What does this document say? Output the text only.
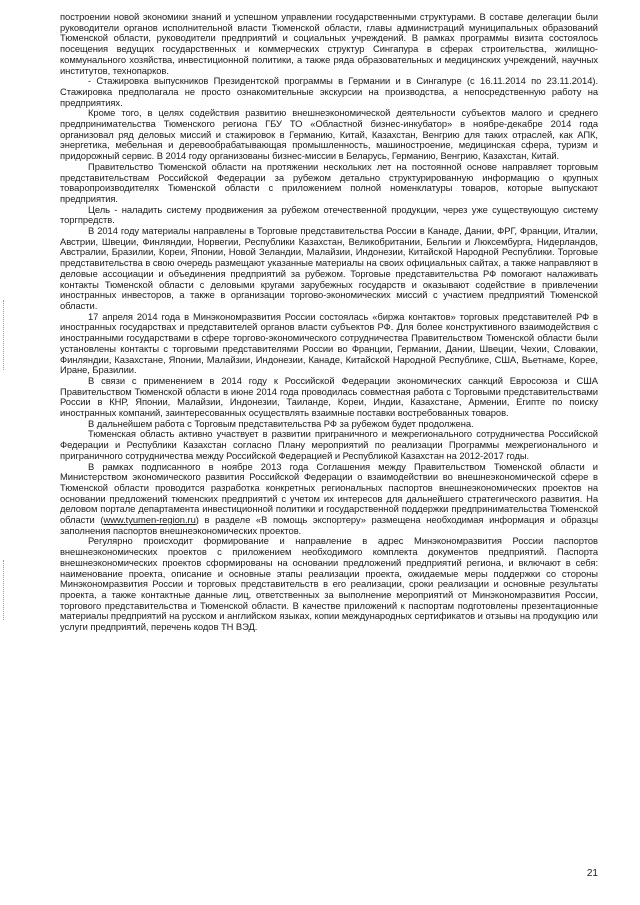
построении новой экономики знаний и успешном управлении государственными структурами. В составе делегации были руководители органов исполнительной власти Тюменской области, главы администраций муниципальных образований Тюменской области, руководители предприятий и социальных учреждений. В рамках программы визита состоялось посещения ведущих государственных и коммерческих структур Сингапура в сферах строительства, жилищно-коммунального хозяйства, инвестиционной политики, а также ряда образовательных и медицинских учреждений, научных институтов, технопарков.

- Стажировка выпускников Президентской программы в Германии и в Сингапуре (с 16.11.2014 по 23.11.2014). Стажировка предполагала не просто ознакомительные экскурсии на производства, а непосредственную работу на предприятиях.

Кроме того, в целях содействия развитию внешнеэкономической деятельности субъектов малого и среднего предпринимательства Тюменского региона ГБУ ТО «Областной бизнес-инкубатор» в ноябре-декабре 2014 года организовал ряд деловых миссий и стажировок в Германию, Китай, Казахстан, Венгрию для таких отраслей, как АПК, энергетика, мебельная и деревообрабатывающая промышленность, машиностроение, медицинская сфера, туризм и придорожный сервис. В 2014 году организованы бизнес-миссии в Беларусь, Германию, Венгрию, Казахстан, Китай.

Правительство Тюменской области на протяжении нескольких лет на постоянной основе направляет торговым представительствам Российской Федерации за рубежом детально структурированную информацию о крупных товаропроизводителях Тюменской области с приложением полной номенклатуры товаров, которые выпускают предприятия.

Цель - наладить систему продвижения за рубежом отечественной продукции, через уже существующую систему торгпредств.

В 2014 году материалы направлены в Торговые представительства России в Канаде, Дании, ФРГ, Франции, Италии, Австрии, Швеции, Финляндии, Норвегии, Республики Казахстан, Великобритании, Бельгии и Люксембурга, Нидерландов, Австралии, Бразилии, Кореи, Японии, Новой Зеландии, Малайзии, Индонезии, Китайской Народной Республики. Торговые представительства в свою очередь размещают указанные материалы на своих официальных сайтах, а также направляют в деловые ассоциации и объединения предприятий за рубежом. Торговые представительства РФ помогают налаживать контакты Тюменской области с деловыми кругами зарубежных государств и оказывают содействие в привлечении иностранных инвесторов, а также в организации торгово-экономических миссий с участием предприятий Тюменской области.

17 апреля 2014 года в Минэкономразвития России состоялась «биржа контактов» торговых представителей РФ в иностранных государствах и представителей органов власти субъектов РФ. Для более конструктивного взаимодействия с иностранными государствами в сфере торгово-экономического сотрудничества Правительством Тюменской области были установлены контакты с торговыми представителями России во Франции, Германии, Дании, Швеции, Чехии, Словакии, Финляндии, Казахстане, Японии, Малайзии, Индонезии, Канаде, Китайской Народной Республике, США, Вьетнаме, Корее, Иране, Бразилии.

В связи с применением в 2014 году к Российской Федерации экономических санкций Евросоюза и США Правительством Тюменской области в июне 2014 года проводилась совместная работа с Торговыми представительствами России в КНР, Японии, Малайзии, Индонезии, Таиланде, Кореи, Индии, Казахстане, Армении, Египте по поиску иностранных компаний, заинтересованных осуществлять взаимные поставки востребованных товаров.

В дальнейшем работа с Торговым представительства РФ за рубежом будет продолжена.

Тюменская область активно участвует в развитии приграничного и межрегионального сотрудничества Российской Федерации и Республики Казахстан согласно Плану мероприятий по реализации Программы межрегионального и приграничного сотрудничества между Российской Федерацией и Республикой Казахстан на 2012-2017 годы.

В рамках подписанного в ноябре 2013 года Соглашения между Правительством Тюменской области и Министерством экономического развития Российской Федерации о взаимодействии во внешнеэкономической сфере в Тюменской области проводится разработка конкретных региональных паспортов внешнеэкономических проектов на основании предложений тюменских предприятий с учетом их интересов для дальнейшего стратегического развития. На деловом портале департамента инвестиционной политики и государственной поддержки предпринимательства Тюменской области (www.tyumen-region.ru) в разделе «В помощь экспортеру» размещена необходимая информация и образцы заполнения паспортов внешнеэкономических проектов.

Регулярно происходит формирование и направление в адрес Минэкономразвития России паспортов внешнеэкономических проектов с приложением необходимого комплекта документов предприятий. Паспорта внешнеэкономических проектов сформированы на основании предложений предприятий региона, и включают в себя: наименование проекта, описание и основные этапы реализации проекта, ожидаемые меры поддержки со стороны Минэкономразвития России и торговых представительств в его реализации, сроки реализации и основные результаты проекта, а также контактные данные лиц, ответственных за выполнение мероприятий от Минэкономразвития России, торгового представительства и Тюменской области. В качестве приложений к паспортам подготовлены презентационные материалы предприятий на русском и английском языках, копии международных сертификатов и отзывы на продукцию или услуги предприятий, перечень кодов ТН ВЭД.

21
